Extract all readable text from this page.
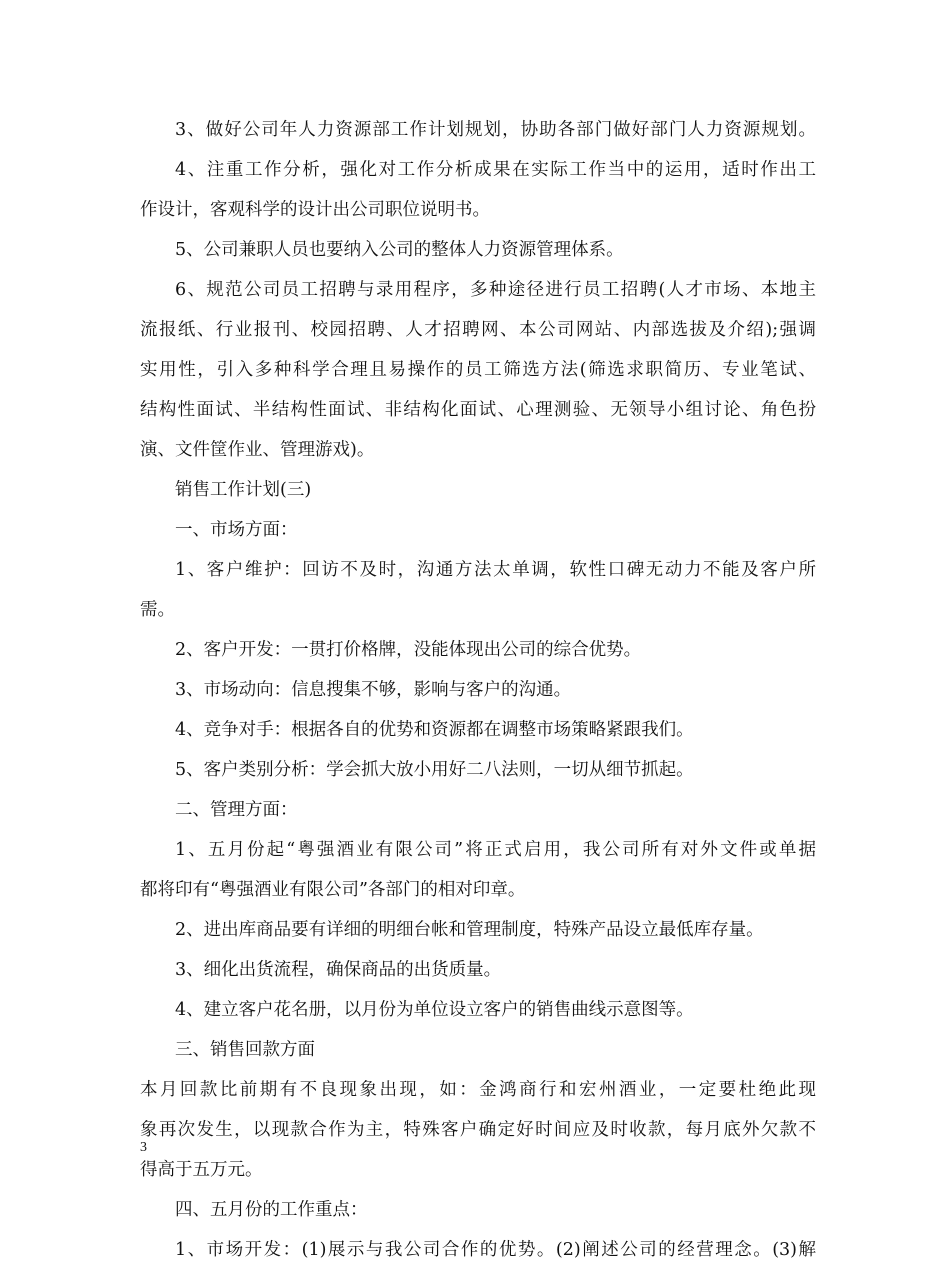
3、做好公司年人力资源部工作计划规划，协助各部门做好部门人力资源规划。
4、注重工作分析，强化对工作分析成果在实际工作当中的运用，适时作出工
作设计，客观科学的设计出公司职位说明书。
5、公司兼职人员也要纳入公司的整体人力资源管理体系。
6、规范公司员工招聘与录用程序，多种途径进行员工招聘(人才市场、本地主
流报纸、行业报刊、校园招聘、人才招聘网、本公司网站、内部选拔及介绍);强调
实用性，引入多种科学合理且易操作的员工筛选方法(筛选求职简历、专业笔试、
结构性面试、半结构性面试、非结构化面试、心理测验、无领导小组讨论、角色扮
演、文件筐作业、管理游戏)。
销售工作计划(三)
一、市场方面：
1、客户维护：回访不及时，沟通方法太单调，软性口碑无动力不能及客户所
需。
2、客户开发：一贯打价格牌，没能体现出公司的综合优势。
3、市场动向：信息搜集不够，影响与客户的沟通。
4、竞争对手：根据各自的优势和资源都在调整市场策略紧跟我们。
5、客户类别分析：学会抓大放小用好二八法则，一切从细节抓起。
二、管理方面：
1、五月份起“粤强酒业有限公司”将正式启用，我公司所有对外文件或单据
都将印有“粤强酒业有限公司”各部门的相对印章。
2、进出库商品要有详细的明细台帐和管理制度，特殊产品设立最低库存量。
3、细化出货流程，确保商品的出货质量。
4、建立客户花名册，以月份为单位设立客户的销售曲线示意图等。
三、销售回款方面
本月回款比前期有不良现象出现，如：金鸿商行和宏州酒业，一定要杜绝此现
象再次发生，以现款合作为主，特殊客户确定好时间应及时收款，每月底外欠款不
得高于五万元。
四、五月份的工作重点：
1、市场开发：(1)展示与我公司合作的优势。(2)阐述公司的经营理念。(3)解
3
